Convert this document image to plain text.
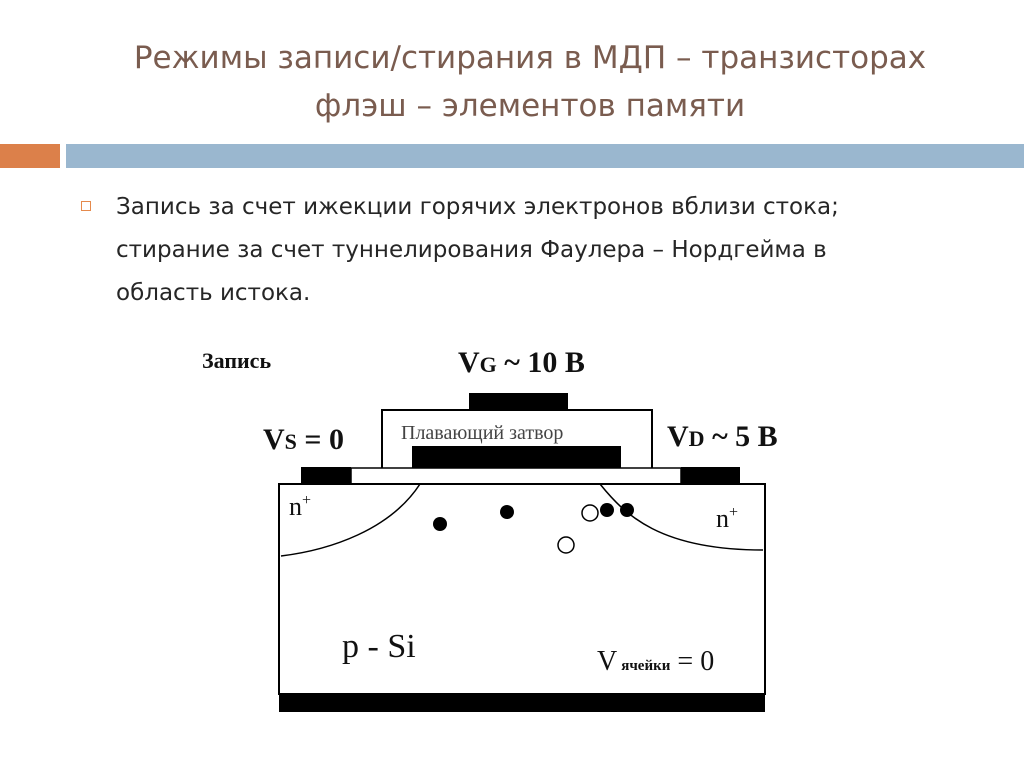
Режимы записи/стирания в МДП – транзисторах
флэш – элементов памяти
Запись за счет ижекции горячих электронов вблизи стока;
стирание за счет туннелирования Фаулера – Нордгейма в
область истока.
Запись	VG ~ 10 В
Плавающий затвор
VS = 0	VD ~ 5 В
n+
n+
p - Si	Vячейки = 0
